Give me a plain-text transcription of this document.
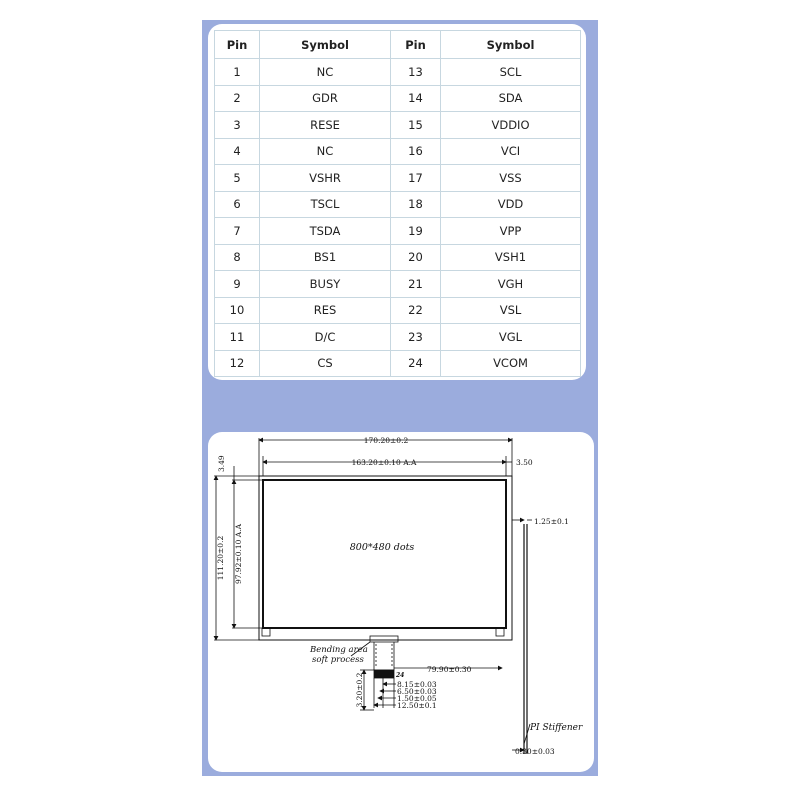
Pin	Symbol	Pin	Symbol
1	NC	13	SCL
2	GDR	14	SDA
3	RESE	15	VDDIO
4	NC	16	VCI
5	VSHR	17	VSS
6	TSCL	18	VDD
7	TSDA	19	VPP
8	BS1	20	VSH1
9	BUSY	21	VGH
10	RES	22	VSL
11	D/C	23	VGL
12	CS	24	VCOM
170.20±0.2
163.20±0.10 A.A	3.50
3.49
111.20±0.2 97.92±0.10 A.A
1.25±0.1
79.90±0.30
8.15±0.03
6.50±0.03
1.50±0.05
12.50±0.1
3.20±0.2
0.30±0.03
800*480 dots
Bending area
soft process
PI Stiffener
24
